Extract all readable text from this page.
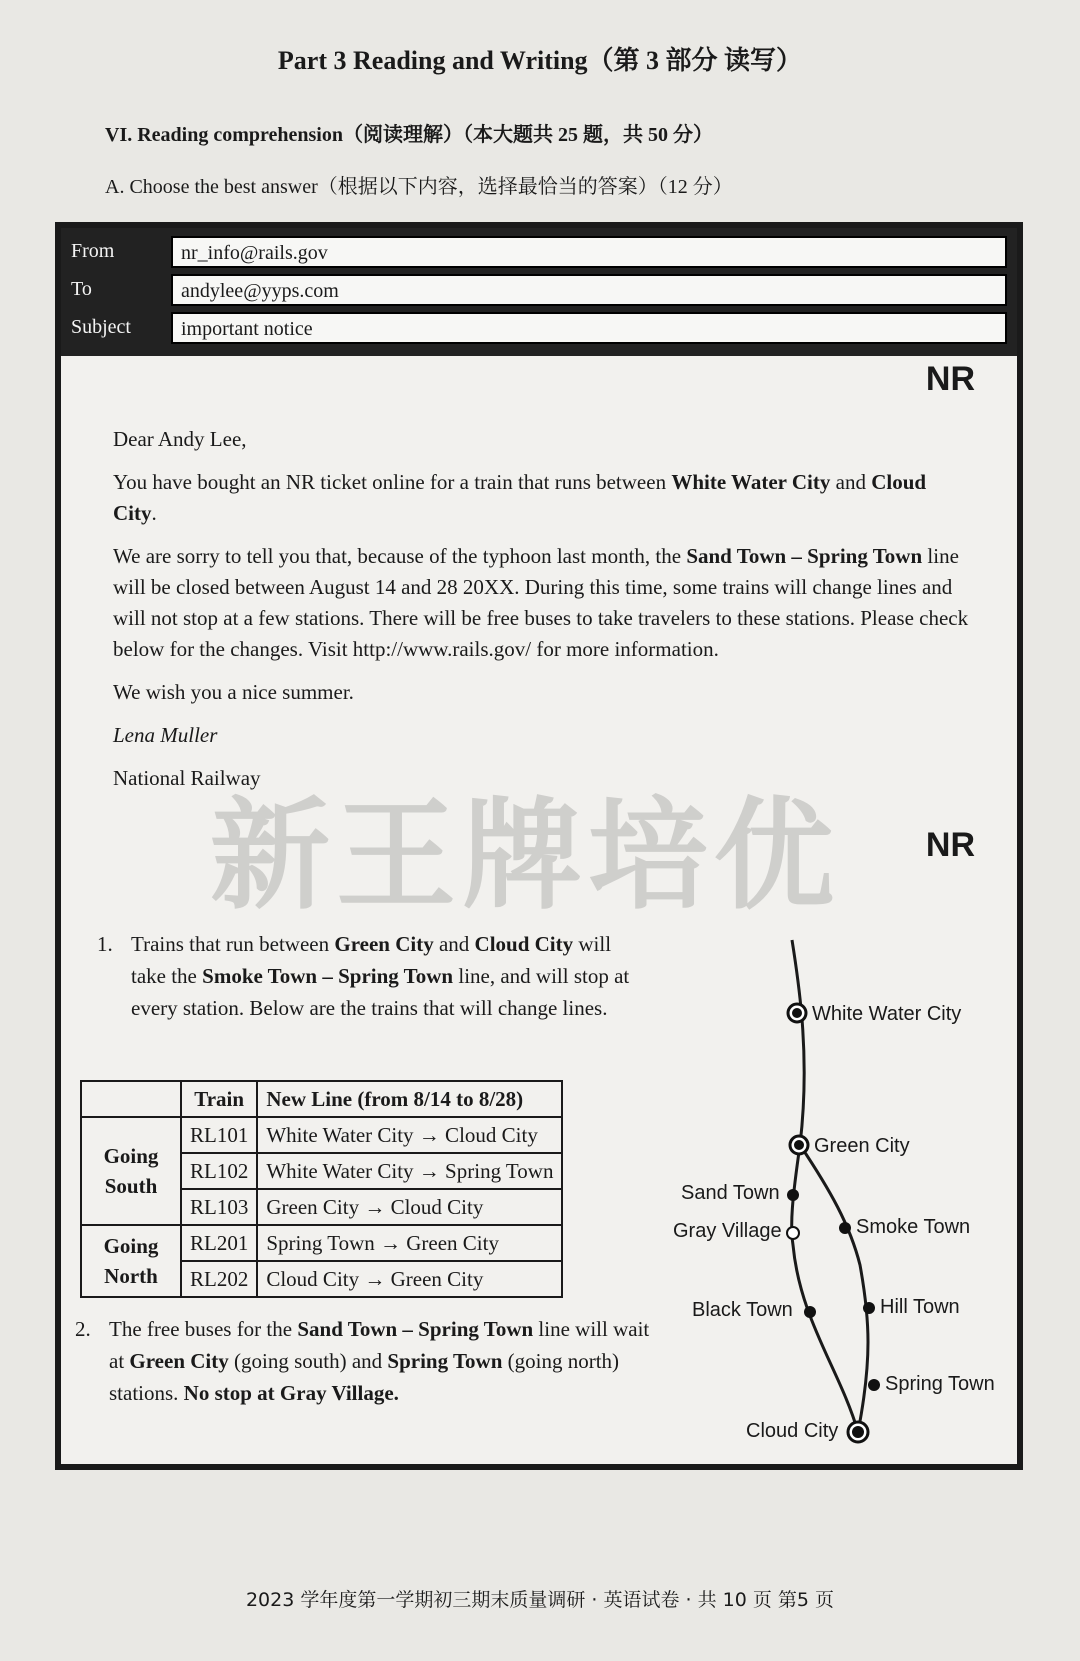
Part 3 Reading and Writing（第 3 部分 读写）
VI. Reading comprehension（阅读理解）（本大题共 25 题，共 50 分）
A. Choose the best answer（根据以下内容，选择最恰当的答案）（12 分）
From	nr_info@rails.gov
To	andylee@yyps.com
Subject	important notice
NR

Dear Andy Lee,

You have bought an NR ticket online for a train that runs between White Water City and Cloud City.

We are sorry to tell you that, because of the typhoon last month, the Sand Town – Spring Town line will be closed between August 14 and 28 20XX. During this time, some trains will change lines and will not stop at a few stations. There will be free buses to take travelers to these stations. Please check below for the changes. Visit http://www.rails.gov/ for more information.

We wish you a nice summer.

Lena Muller

National Railway

NR
新王牌培优
1. Trains that run between Green City and Cloud City will take the Smoke Town – Spring Town line, and will stop at every station. Below are the trains that will change lines.
	Train	New Line (from 8/14 to 8/28)
Going South	RL101	White Water City → Cloud City
	RL102	White Water City → Spring Town
	RL103	Green City → Cloud City
Going North	RL201	Spring Town → Green City
	RL202	Cloud City → Green City
2. The free buses for the Sand Town – Spring Town line will wait at Green City (going south) and Spring Town (going north) stations. No stop at Gray Village.
White Water City
Green City
Sand Town
Gray Village	Smoke Town
Black Town	Hill Town
Spring Town
Cloud City
2023 学年度第一学期初三期末质量调研 · 英语试卷 · 共 10 页 第5 页
